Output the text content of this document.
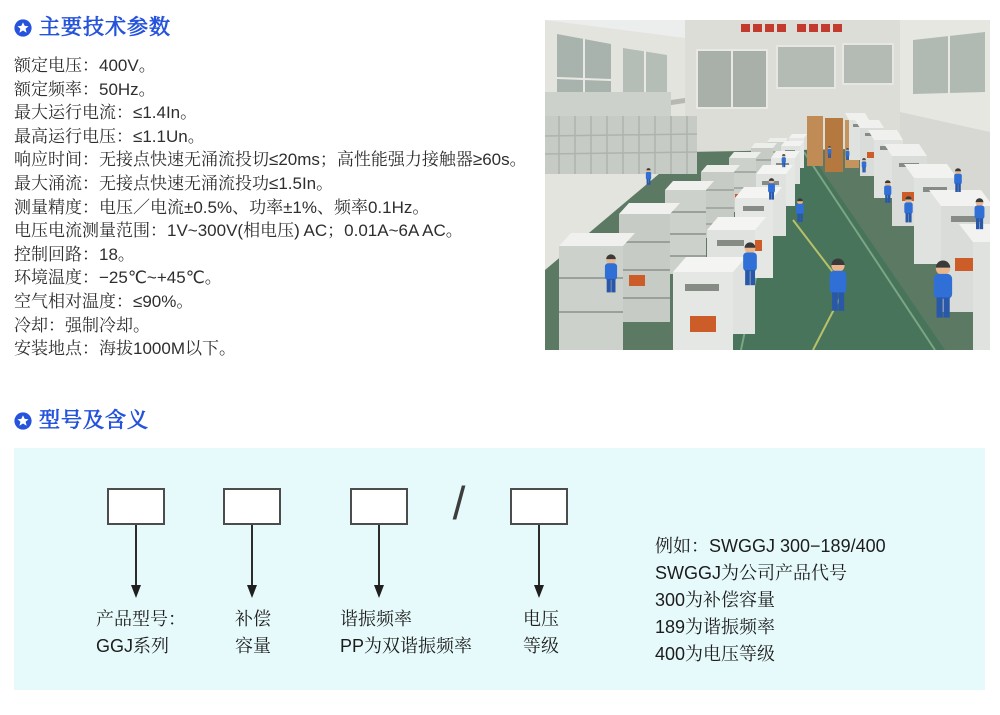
主要技术参数
额定电压：400V。
额定频率：50Hz。
最大运行电流：≤1.4In。
最高运行电压：≤1.1Un。
响应时间：无接点快速无涌流投切≤20ms；高性能强力接触器≥60s。
最大涌流：无接点快速无涌流投功≤1.5In。
测量精度：电压／电流±0.5%、功率±1%、频率0.1Hz。
电压电流测量范围：1V~300V(相电压) AC；0.01A~6A AC。
控制回路：18。
环境温度：−25℃~+45℃。
空气相对温度：≤90%。
冷却：强制冷却。
安装地点：海拔1000M以下。
型号及含义
/
产品型号：
GGJ系列
补偿
容量
谐振频率
PP为双谐振频率
电压
等级
例如：SWGGJ 300−189/400
SWGGJ为公司产品代号
300为补偿容量
189为谐振频率
400为电压等级
